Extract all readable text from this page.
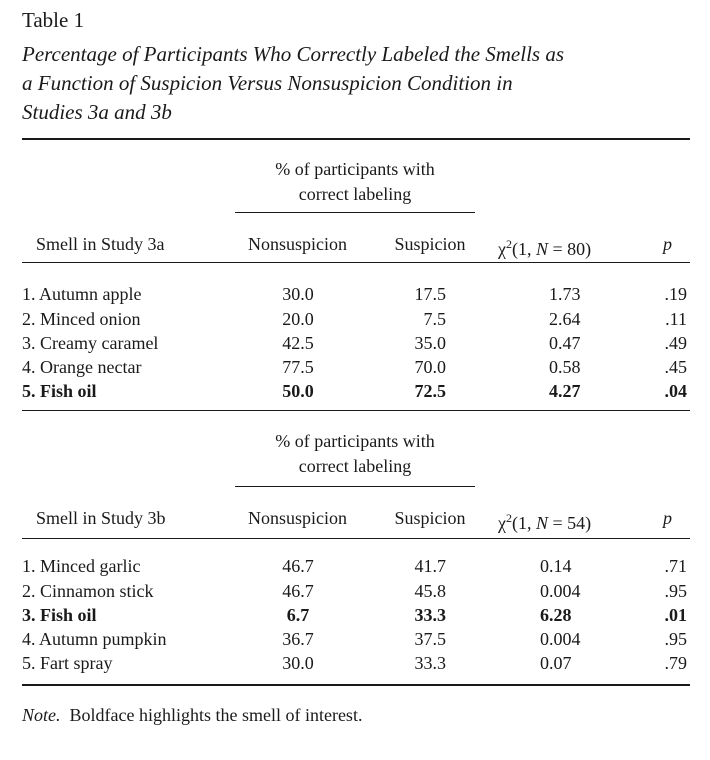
Table 1
Percentage of Participants Who Correctly Labeled the Smells as
a Function of Suspicion Versus Nonsuspicion Condition in
Studies 3a and 3b
% of participants with
correct labeling
Smell in Study 3a	Nonsuspicion	Suspicion	$\chi^2(1$, N = 80)	p
1. Autumn apple	30.0	17.5	1.73	.19
2. Minced onion	20.0	7.5	2.64	.11
3. Creamy caramel	42.5	35.0	0.47	.49
4. Orange nectar	77.5	70.0	0.58	.45
5. Fish oil	50.0	72.5	4.27	.04
% of participants with
correct labeling
Smell in Study 3b	Nonsuspicion	Suspicion	$\chi^2(1$, N = 54)	p
1. Minced garlic	46.7	41.7	0.14	.71
2. Cinnamon stick	46.7	45.8	0.004	.95
3. Fish oil	6.7	33.3	6.28	.01
4. Autumn pumpkin	36.7	37.5	0.004	.95
5. Fart spray	30.0	33.3	0.07	.79
Note. Boldface highlights the smell of interest.
